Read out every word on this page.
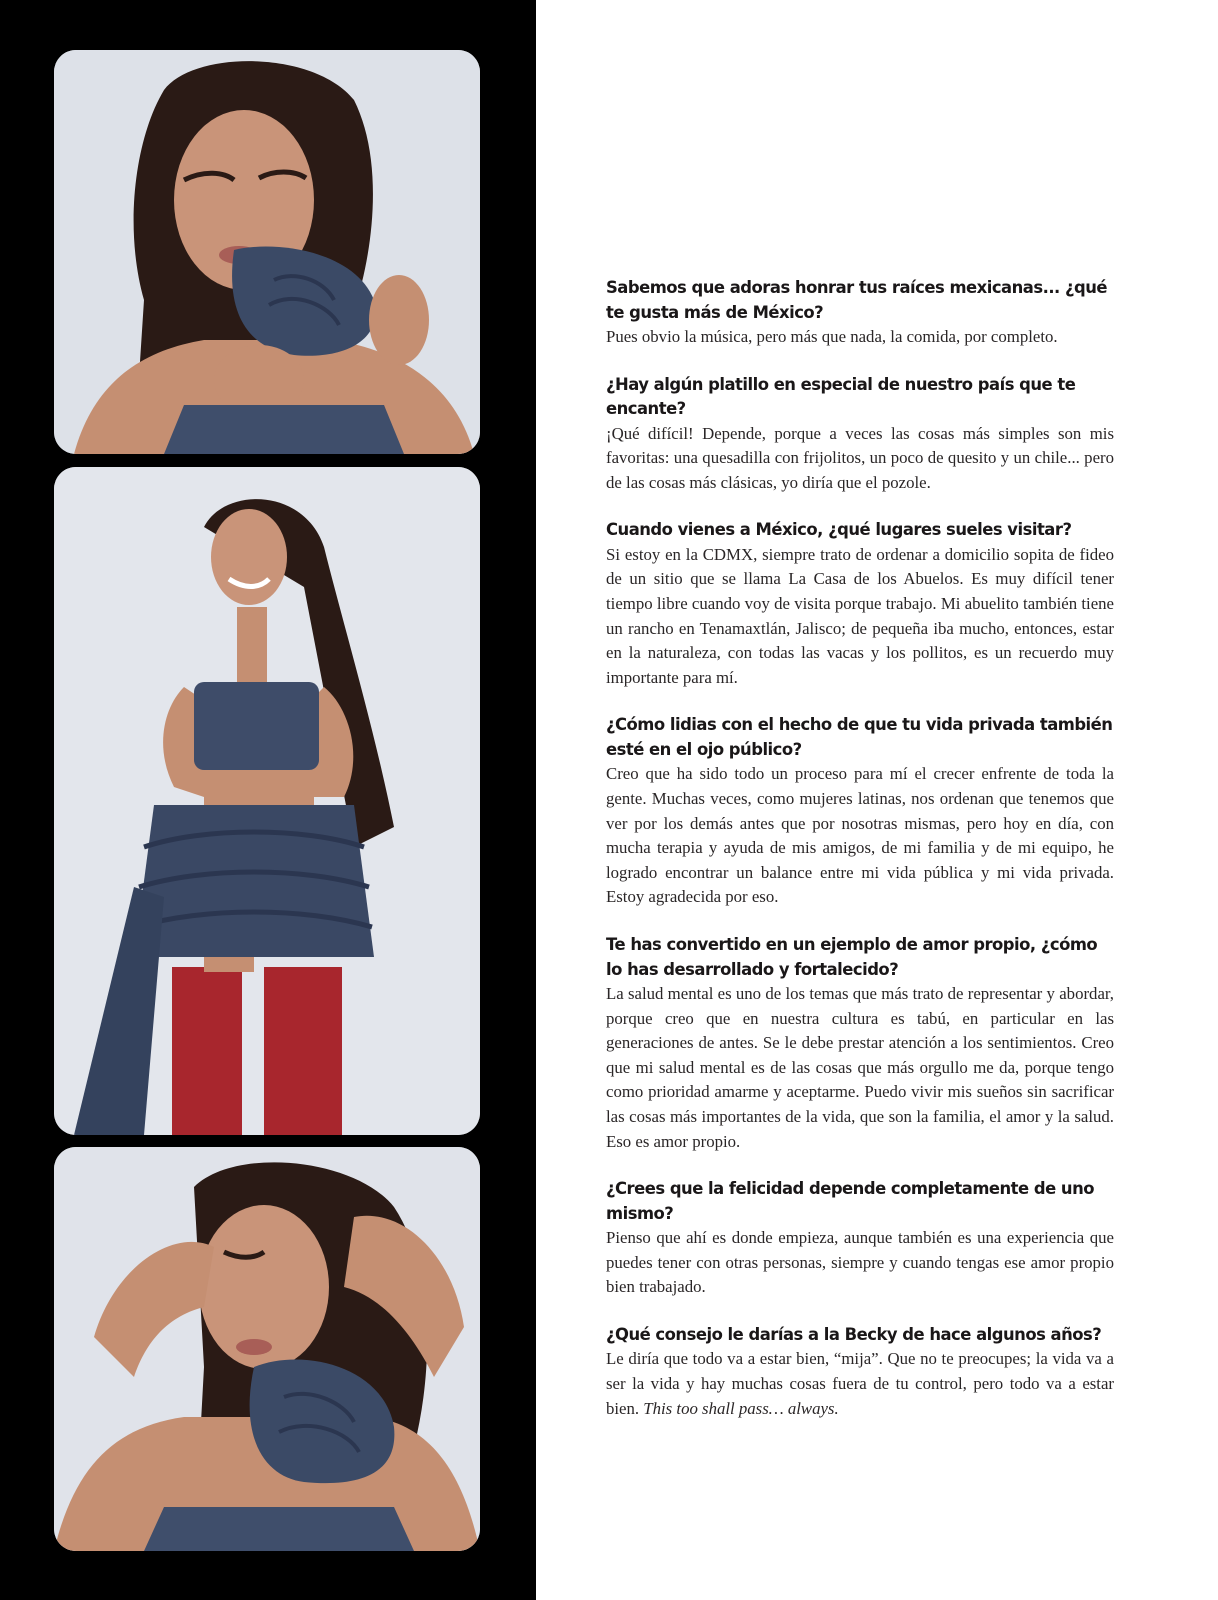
Sabemos que adoras honrar tus raíces mexicanas... ¿qué te gusta más de México?

Pues obvio la música, pero más que nada, la comida, por completo.

¿Hay algún platillo en especial de nuestro país que te encante?

¡Qué difícil! Depende, porque a veces las cosas más simples son mis favoritas: una quesadilla con frijolitos, un poco de quesito y un chile... pero de las cosas más clásicas, yo diría que el pozole.

Cuando vienes a México, ¿qué lugares sueles visitar?

Si estoy en la CDMX, siempre trato de ordenar a domicilio sopita de fideo de un sitio que se llama La Casa de los Abuelos. Es muy difícil tener tiempo libre cuando voy de visita porque trabajo. Mi abuelito también tiene un rancho en Tenamaxtlán, Jalisco; de pequeña iba mucho, entonces, estar en la naturaleza, con todas las vacas y los pollitos, es un recuerdo muy importante para mí.

¿Cómo lidias con el hecho de que tu vida privada también esté en el ojo público?

Creo que ha sido todo un proceso para mí el crecer enfrente de toda la gente. Muchas veces, como mujeres latinas, nos ordenan que tenemos que ver por los demás antes que por nosotras mismas, pero hoy en día, con mucha terapia y ayuda de mis amigos, de mi familia y de mi equipo, he logrado encontrar un balance entre mi vida pública y mi vida privada. Estoy agradecida por eso.

Te has convertido en un ejemplo de amor propio, ¿cómo lo has desarrollado y fortalecido?

La salud mental es uno de los temas que más trato de representar y abordar, porque creo que en nuestra cultura es tabú, en particular en las generaciones de antes. Se le debe prestar atención a los sentimientos. Creo que mi salud mental es de las cosas que más orgullo me da, porque tengo como prioridad amarme y aceptarme. Puedo vivir mis sueños sin sacrificar las cosas más importantes de la vida, que son la familia, el amor y la salud. Eso es amor propio.

¿Crees que la felicidad depende completamente de uno mismo?

Pienso que ahí es donde empieza, aunque también es una experiencia que puedes tener con otras personas, siempre y cuando tengas ese amor propio bien trabajado.

¿Qué consejo le darías a la Becky de hace algunos años?

Le diría que todo va a estar bien, “mija”. Que no te preocupes; la vida va a ser la vida y hay muchas cosas fuera de tu control, pero todo va a estar bien. This too shall pass… always.
